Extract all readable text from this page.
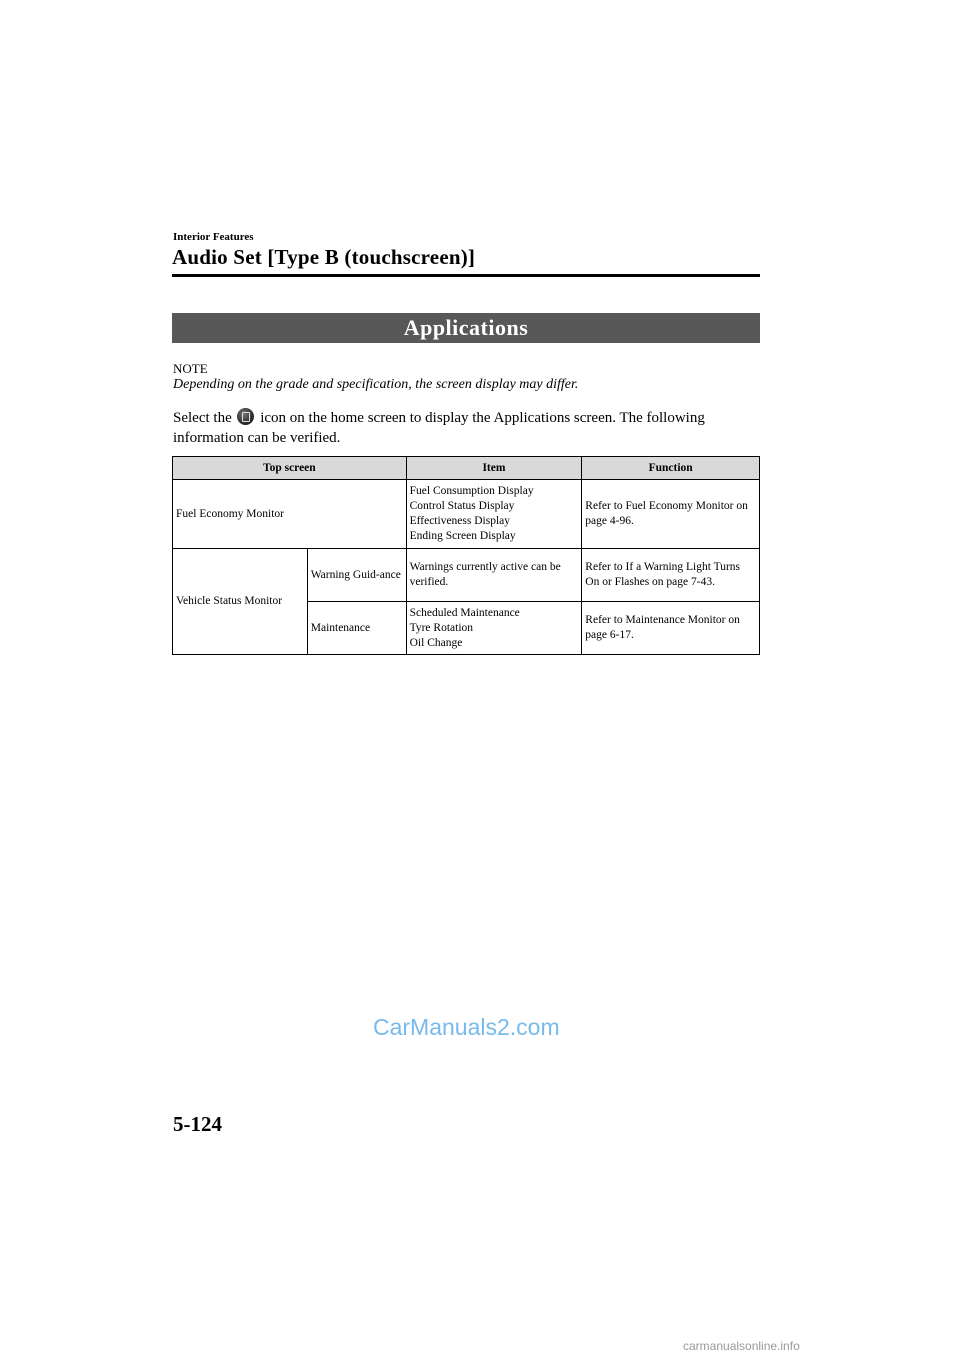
Interior Features
Audio Set [Type B (touchscreen)]
Applications
NOTE
Depending on the grade and specification, the screen display may differ.
Select the icon on the home screen to display the Applications screen. The following information can be verified.
Top screen		Item	Function
Fuel Economy Monitor		Fuel Consumption Display
Control Status Display
Effectiveness Display
Ending Screen Display	Refer to Fuel Economy Monitor on page 4-96.
Vehicle Status Monitor	Warning Guid-ance	Warnings currently active can be verified.	Refer to If a Warning Light Turns On or Flashes on page 7-43.
	Maintenance	Scheduled Maintenance
Tyre Rotation
Oil Change	Refer to Maintenance Monitor on page 6-17.
CarManuals2.com
5-124
carmanualsonline.info
